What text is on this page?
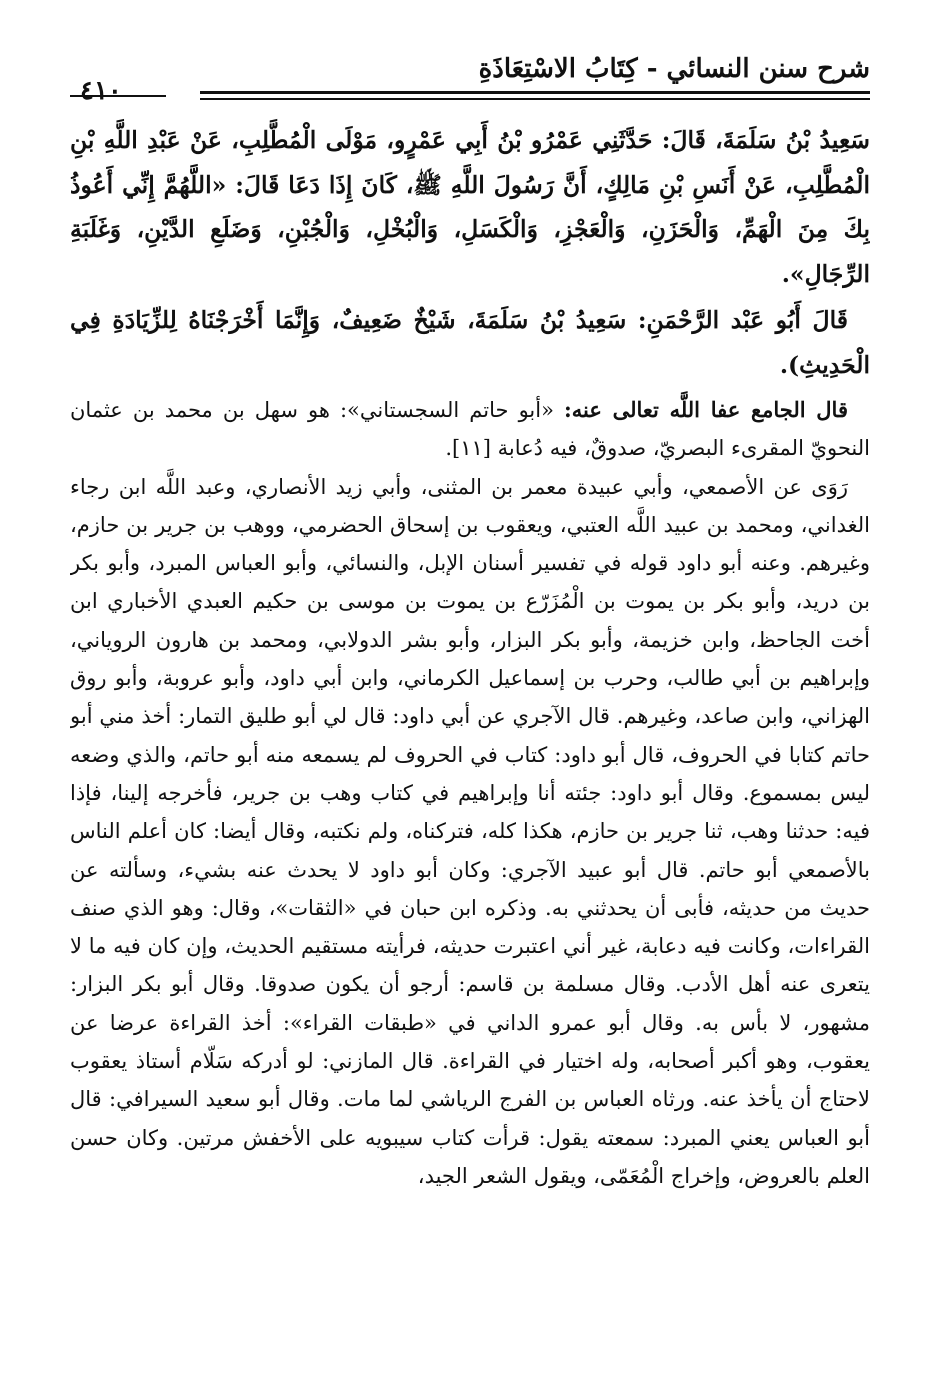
شرح سنن النسائي - كِتَابُ الاسْتِعَاذَةِ
٤١٠

سَعِيدُ بْنُ سَلَمَةَ، قَالَ: حَدَّثَنِي عَمْرُو بْنُ أَبِي عَمْرٍو، مَوْلَى الْمُطَّلِبِ، عَنْ عَبْدِ اللَّهِ بْنِ الْمُطَّلِبِ، عَنْ أَنَسِ بْنِ مَالِكٍ، أَنَّ رَسُولَ اللَّهِ ﷺ، كَانَ إِذَا دَعَا قَالَ: «اللَّهُمَّ إِنِّي أَعُوذُ بِكَ مِنَ الْهَمِّ، وَالْحَزَنِ، وَالْعَجْزِ، وَالْكَسَلِ، وَالْبُخْلِ، وَالْجُبْنِ، وَضَلَعِ الدَّيْنِ، وَغَلَبَةِ الرِّجَالِ».

قَالَ أَبُو عَبْد الرَّحْمَنِ: سَعِيدُ بْنُ سَلَمَةَ، شَيْخٌ ضَعِيفٌ، وَإِنَّمَا أَخْرَجْنَاهُ لِلزِّيَادَةِ فِي الْحَدِيثِ).

قال الجامع عفا اللَّه تعالى عنه: «أبو حاتم السجستاني»: هو سهل بن محمد بن عثمان النحويّ المقرىء البصريّ، صدوقٌ، فيه دُعابة [١١].

رَوَى عن الأصمعي، وأبي عبيدة معمر بن المثنى، وأبي زيد الأنصاري، وعبد اللَّه ابن رجاء الغداني، ومحمد بن عبيد اللَّه العتبي، ويعقوب بن إسحاق الحضرمي، ووهب بن جرير بن حازم، وغيرهم. وعنه أبو داود قوله في تفسير أسنان الإبل، والنسائي، وأبو العباس المبرد، وأبو بكر بن دريد، وأبو بكر بن يموت بن الْمُزَرّع بن يموت بن موسى بن حكيم العبدي الأخباري ابن أخت الجاحظ، وابن خزيمة، وأبو بكر البزار، وأبو بشر الدولابي، ومحمد بن هارون الروياني، وإبراهيم بن أبي طالب، وحرب بن إسماعيل الكرماني، وابن أبي داود، وأبو عروبة، وأبو روق الهزاني، وابن صاعد، وغيرهم. قال الآجري عن أبي داود: قال لي أبو طليق التمار: أخذ مني أبو حاتم كتابا في الحروف، قال أبو داود: كتاب في الحروف لم يسمعه منه أبو حاتم، والذي وضعه ليس بمسموع. وقال أبو داود: جئته أنا وإبراهيم في كتاب وهب بن جرير، فأخرجه إلينا، فإذا فيه: حدثنا وهب، ثنا جرير بن حازم، هكذا كله، فتركناه، ولم نكتبه، وقال أيضا: كان أعلم الناس بالأصمعي أبو حاتم. قال أبو عبيد الآجري: وكان أبو داود لا يحدث عنه بشيء، وسألته عن حديث من حديثه، فأبى أن يحدثني به. وذكره ابن حبان في «الثقات»، وقال: وهو الذي صنف القراءات، وكانت فيه دعابة، غير أني اعتبرت حديثه، فرأيته مستقيم الحديث، وإن كان فيه ما لا يتعرى عنه أهل الأدب. وقال مسلمة بن قاسم: أرجو أن يكون صدوقا. وقال أبو بكر البزار: مشهور، لا بأس به. وقال أبو عمرو الداني في «طبقات القراء»: أخذ القراءة عرضا عن يعقوب، وهو أكبر أصحابه، وله اختيار في القراءة. قال المازني: لو أدركه سَلّام أستاذ يعقوب لاحتاج أن يأخذ عنه. ورثاه العباس بن الفرج الرياشي لما مات. وقال أبو سعيد السيرافي: قال أبو العباس يعني المبرد: سمعته يقول: قرأت كتاب سيبويه على الأخفش مرتين. وكان حسن العلم بالعروض، وإخراج الْمُعَمّى، ويقول الشعر الجيد،
